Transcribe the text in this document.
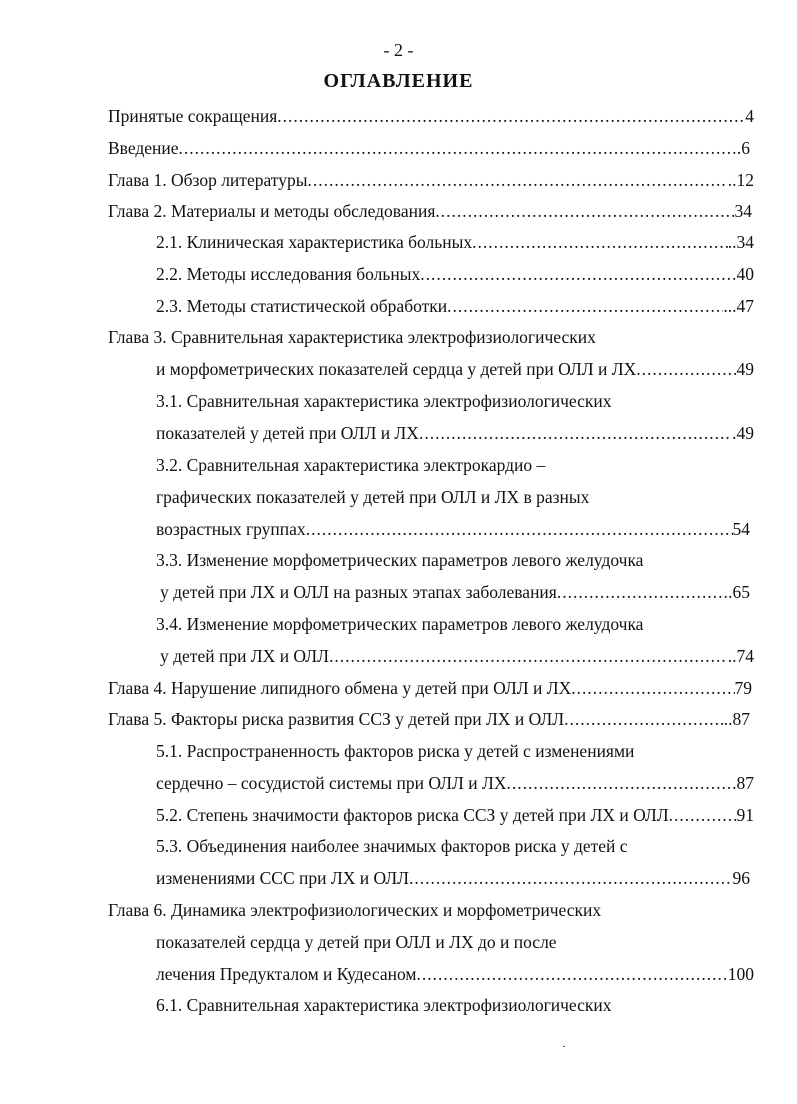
- 2 -
ОГЛАВЛЕНИЕ
Принятые сокращения .....	4
Введение .....	.6
Глава 1. Обзор литературы .....	..12
Глава 2. Материалы и методы обследования .....	34
2.1. Клиническая характеристика больных .....	..34
2.2. Методы исследования больных .....	40
2.3. Методы статистической обработки .....	...47
Глава 3. Сравнительная характеристика электрофизиологических
и морфометрических показателей сердца у детей при ОЛЛ и ЛХ .....	49
3.1. Сравнительная характеристика электрофизиологических
показателей у детей при ОЛЛ и ЛХ .....	.49
3.2. Сравнительная характеристика электрокардио –
графических показателей у детей при ОЛЛ и ЛХ в разных
возрастных группах .....	54
3.3. Изменение морфометрических параметров левого желудочка
у детей при ЛХ и ОЛЛ на разных этапах заболевания .....	.65
3.4. Изменение морфометрических параметров левого желудочка
у детей при ЛХ и ОЛЛ .....	..74
Глава 4. Нарушение липидного обмена у детей при ОЛЛ и ЛХ .....	79
Глава 5. Факторы риска развития ССЗ у детей при ЛХ и ОЛЛ .....	..87
5.1. Распространенность факторов риска у детей с изменениями
сердечно – сосудистой системы при ОЛЛ и ЛХ .....	.87
5.2. Степень значимости факторов риска ССЗ у детей при ЛХ и ОЛЛ .....	91
5.3. Объединения наиболее значимых факторов риска у детей с
изменениями ССС при ЛХ и ОЛЛ .....	96
Глава 6. Динамика электрофизиологических и морфометрических
показателей сердца у детей при ОЛЛ и ЛХ до и после
лечения Предукталом и Кудесаном .....	100
6.1. Сравнительная характеристика электрофизиологических
